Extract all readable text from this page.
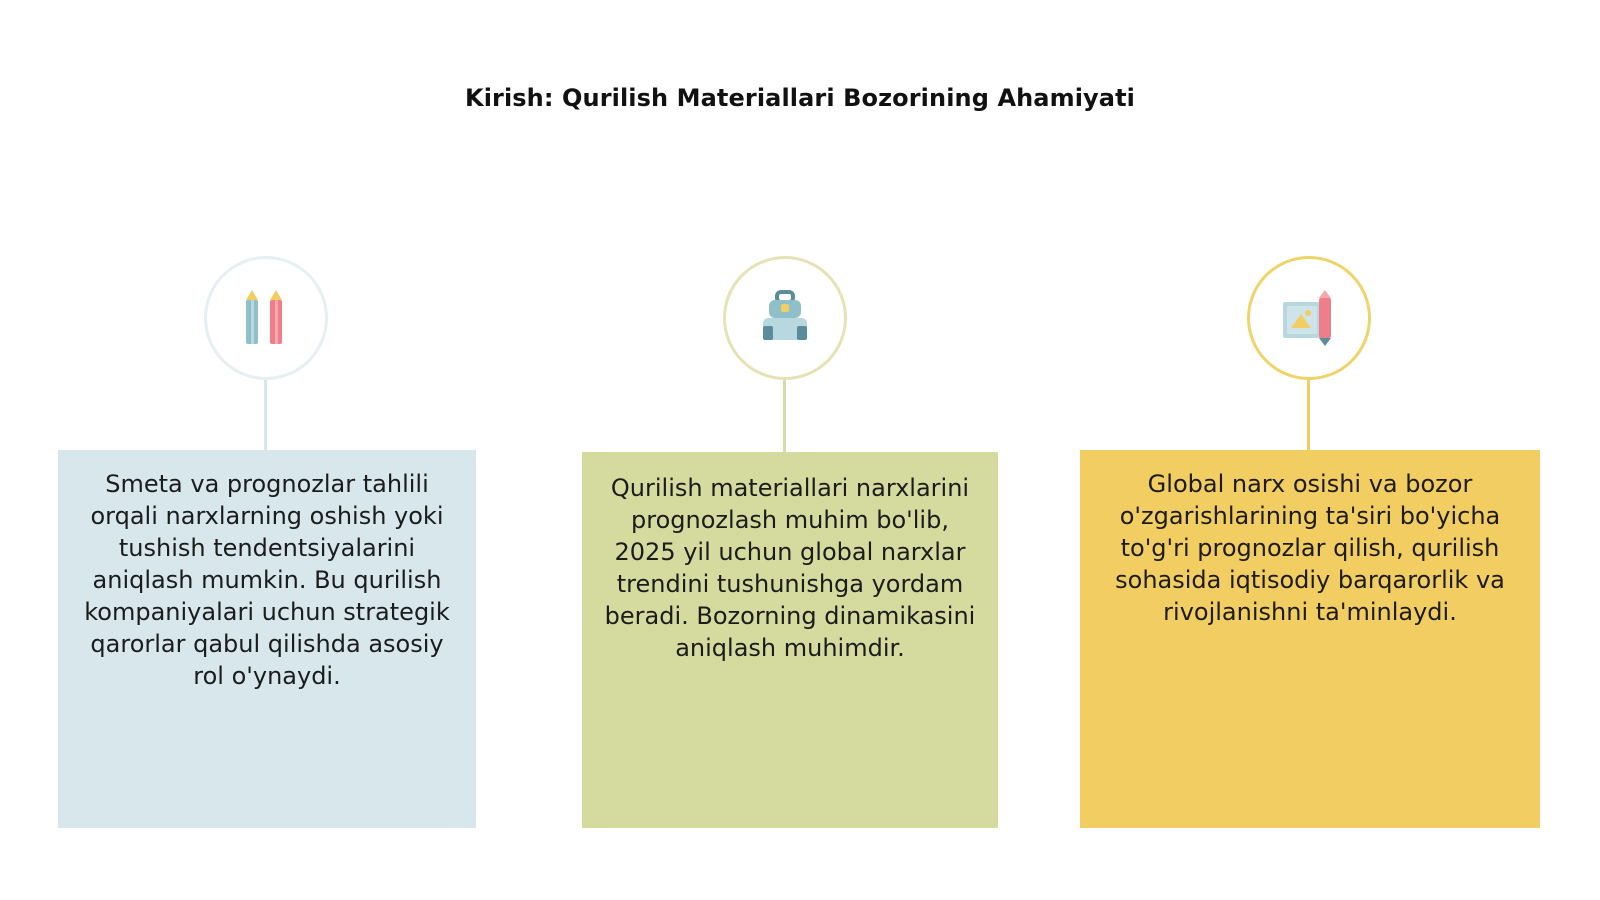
Kirish: Qurilish Materiallari Bozorining Ahamiyati

Smeta va prognozlar tahlili orqali narxlarning oshish yoki tushish tendentsiyalarini aniqlash mumkin. Bu qurilish kompaniyalari uchun strategik qarorlar qabul qilishda asosiy rol o'ynaydi.

Qurilish materiallari narxlarini prognozlash muhim bo'lib, 2025 yil uchun global narxlar trendini tushunishga yordam beradi. Bozorning dinamikasini aniqlash muhimdir.

Global narx osishi va bozor o'zgarishlarining ta'siri bo'yicha to'g'ri prognozlar qilish, qurilish sohasida iqtisodiy barqarorlik va rivojlanishni ta'minlaydi.
